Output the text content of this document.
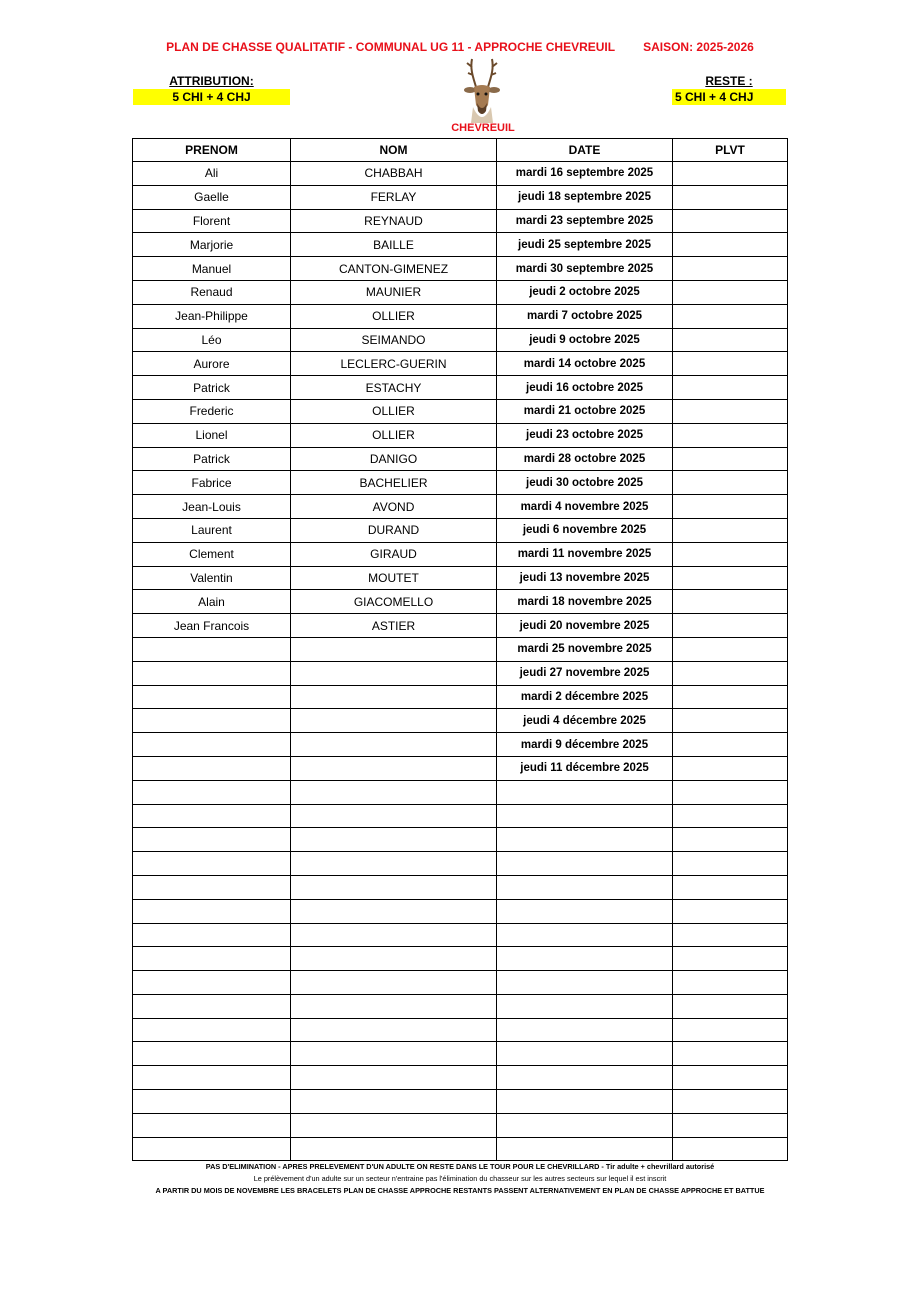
PLAN DE CHASSE QUALITATIF - COMMUNAL UG 11 - APPROCHE CHEVREUIL SAISON: 2025-2026
ATTRIBUTION:
5 CHI + 4 CHJ
RESTE :
5 CHI + 4 CHJ
CHEVREUIL
PRENOM	NOM	DATE	PLVT
Ali	CHABBAH	mardi 16 septembre 2025	
Gaelle	FERLAY	jeudi 18 septembre 2025	
Florent	REYNAUD	mardi 23 septembre 2025	
Marjorie	BAILLE	jeudi 25 septembre 2025	
Manuel	CANTON-GIMENEZ	mardi 30 septembre 2025	
Renaud	MAUNIER	jeudi 2 octobre 2025	
Jean-Philippe	OLLIER	mardi 7 octobre 2025	
Léo	SEIMANDO	jeudi 9 octobre 2025	
Aurore	LECLERC-GUERIN	mardi 14 octobre 2025	
Patrick	ESTACHY	jeudi 16 octobre 2025	
Frederic	OLLIER	mardi 21 octobre 2025	
Lionel	OLLIER	jeudi 23 octobre 2025	
Patrick	DANIGO	mardi 28 octobre 2025	
Fabrice	BACHELIER	jeudi 30 octobre 2025	
Jean-Louis	AVOND	mardi 4 novembre 2025	
Laurent	DURAND	jeudi 6 novembre 2025	
Clement	GIRAUD	mardi 11 novembre 2025	
Valentin	MOUTET	jeudi 13 novembre 2025	
Alain	GIACOMELLO	mardi 18 novembre 2025	
Jean Francois	ASTIER	jeudi 20 novembre 2025	
		mardi 25 novembre 2025	
		jeudi 27 novembre 2025	
		mardi 2 décembre 2025	
		jeudi 4 décembre 2025	
		mardi 9 décembre 2025	
		jeudi 11 décembre 2025	

PAS D'ELIMINATION - APRES PRELEVEMENT D'UN ADULTE ON RESTE DANS LE TOUR POUR LE CHEVRILLARD - Tir adulte + chevrillard autorisé
Le prélèvement d'un adulte sur un secteur n'entraine pas l'élimination du chasseur sur les autres secteurs sur lequel il est inscrit
A PARTIR DU MOIS DE NOVEMBRE LES BRACELETS PLAN DE CHASSE APPROCHE RESTANTS PASSENT ALTERNATIVEMENT EN PLAN DE CHASSE APPROCHE ET BATTUE
